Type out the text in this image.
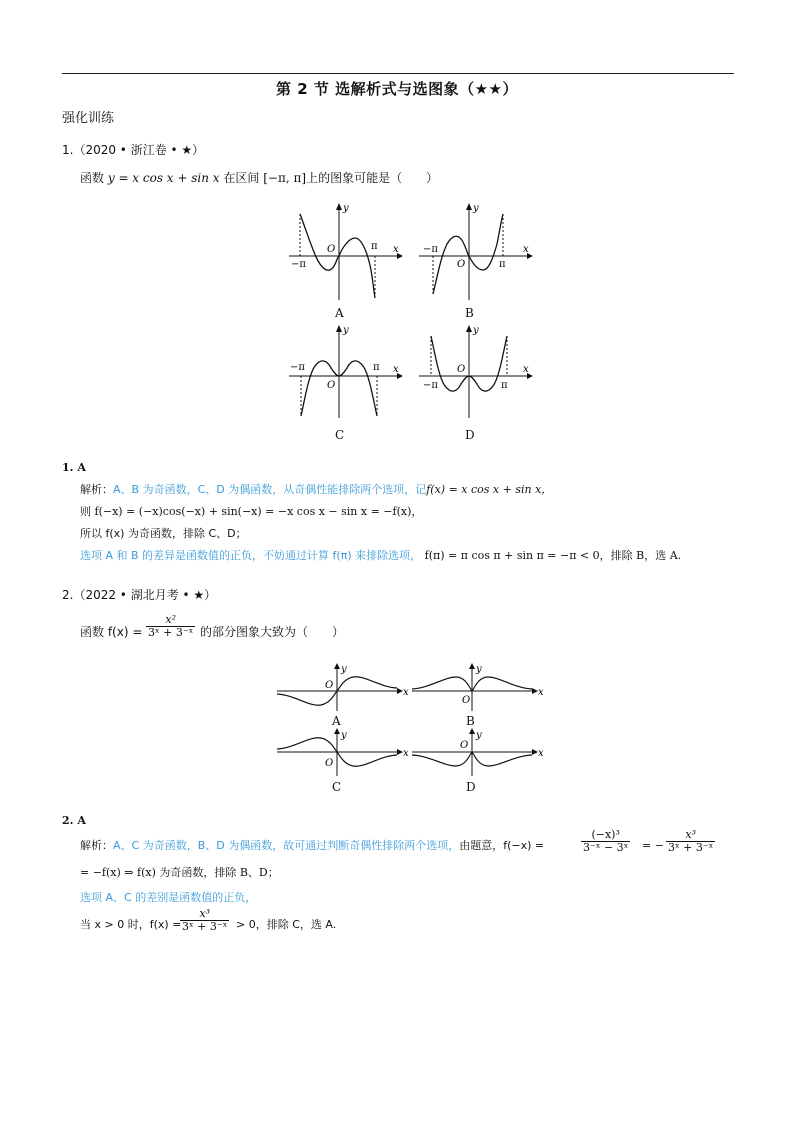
第 2 节 选解析式与选图象（★★）
强化训练
1.（2020 • 浙江卷 • ★）
函数 y = x cos x + sin x 在区间 [−π, π]上的图象可能是（　　）
y
x
O	π
−π
A
y
x
O	π
−π
B
y
x
O
π
−π
C
y
x
O
π
−π
D
1. A
解析：A、B 为奇函数，C、D 为偶函数，从奇偶性能排除两个选项，记f(x) = x cos x + sin x，
则 f(−x) = (−x)cos(−x) + sin(−x) = −x cos x − sin x = −f(x)，
所以 f(x) 为奇函数，排除 C、D；
选项 A 和 B 的差异是函数值的正负，不妨通过计算 f(π) 来排除选项， f(π) = π cos π + sin π = −π < 0，排除 B，选 A.
2.（2022 • 湖北月考 • ★）
函数 $f(x) = \frac{\text{x²}}{\text{3ˣ + 3⁻ˣ}}$ 的部分图象大致为（　　）
y
x
O
A
y
x
O
B
y
x
O
C
y
x
O
D
2. A
解析：A、C 为奇函数，B、D 为偶函数，故可通过判断奇偶性排除两个选项，由题意，f(−x) =	$\frac{\text{(−x)³}}{\text{3⁻ˣ − 3ˣ}}$ = − $\frac{\text{x³}}{\text{3ˣ + 3⁻ˣ}}$
= −f(x) ⇒ f(x) 为奇函数，排除 B、D；
选项 A、C 的差别是函数值的正负，
当 x > 0 时，f(x) =
$\frac{\text{x³}}{\text{3ˣ + 3⁻ˣ}} > 0$，排除 C，选 A.
